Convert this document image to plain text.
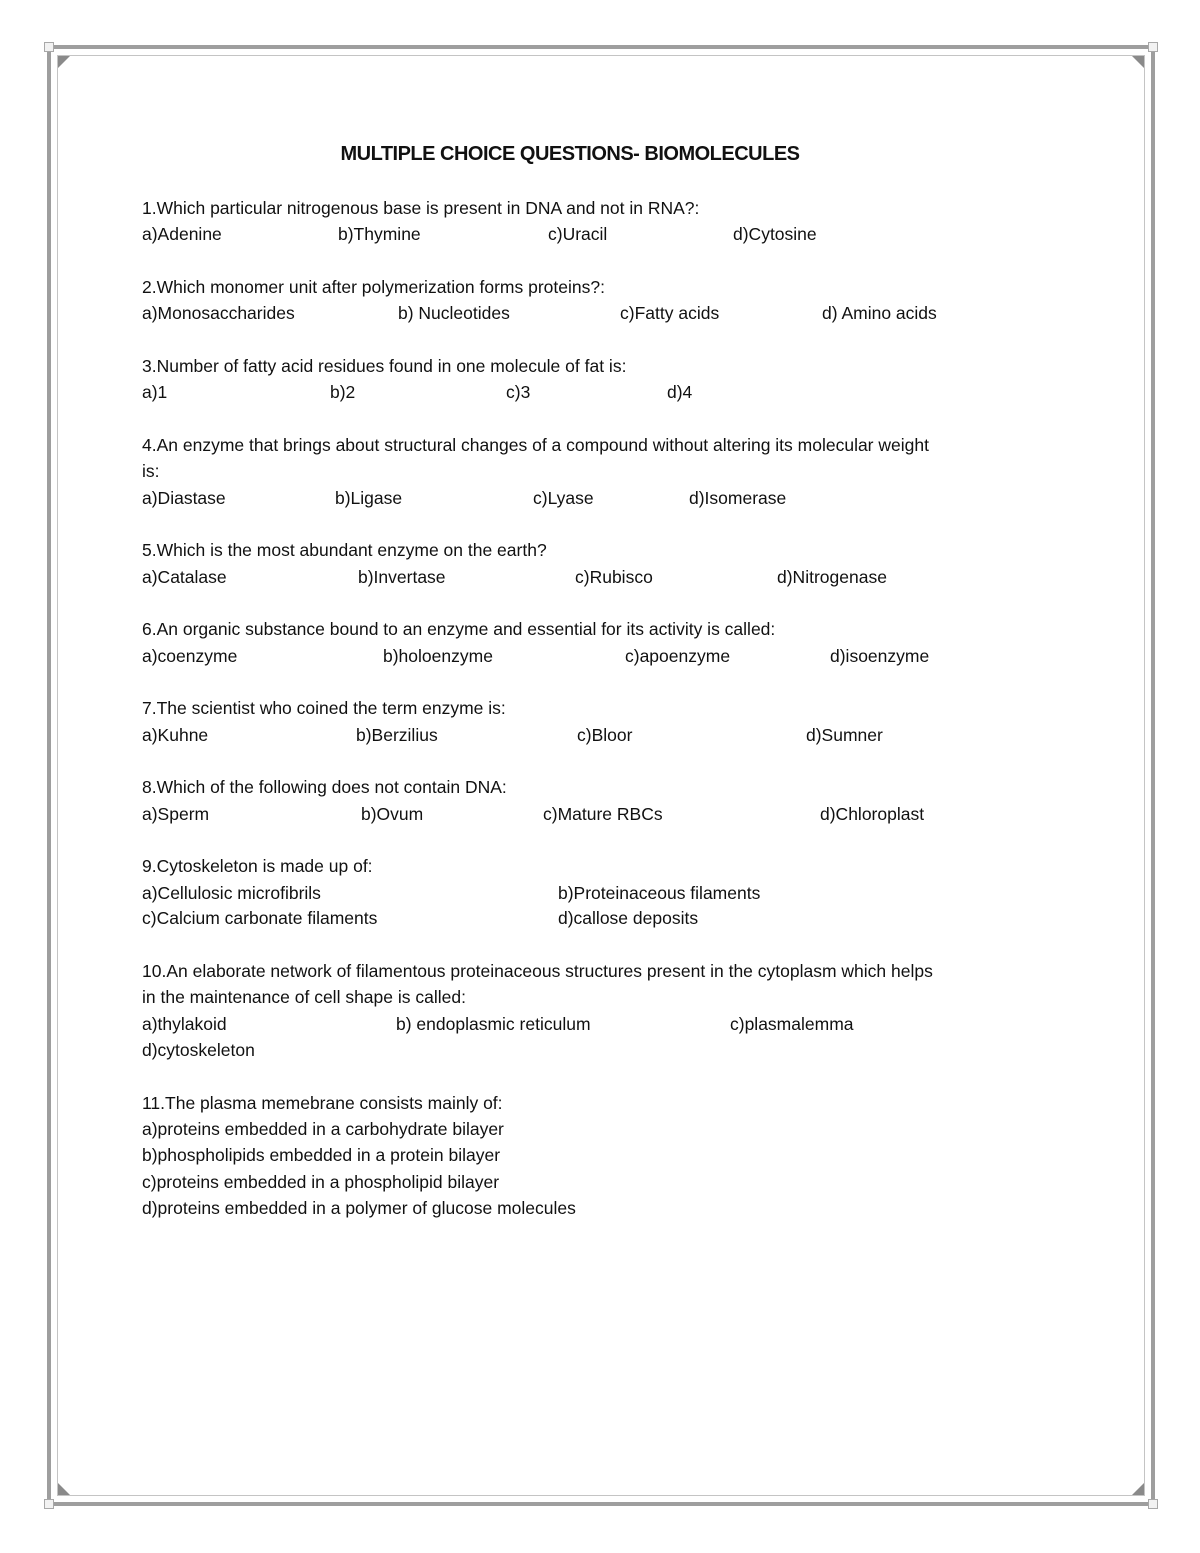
MULTIPLE CHOICE QUESTIONS- BIOMOLECULES
1.Which particular nitrogenous base is present in DNA and not in RNA?:
a)Adenine	b)Thymine	c)Uracil	d)Cytosine
2.Which monomer unit after polymerization forms proteins?:
a)Monosaccharides	b) Nucleotides	c)Fatty acids	d) Amino acids
3.Number of fatty acid residues found in one molecule of fat is:
a)1	b)2	c)3	d)4
4.An enzyme that brings about structural changes of a compound without altering its molecular weight
is:
a)Diastase	b)Ligase	c)Lyase	d)Isomerase
5.Which is the most abundant enzyme on the earth?
a)Catalase	b)Invertase	c)Rubisco	d)Nitrogenase
6.An organic substance bound to an enzyme and essential for its activity is called:
a)coenzyme	b)holoenzyme	c)apoenzyme	d)isoenzyme
7.The scientist who coined the term enzyme is:
a)Kuhne	b)Berzilius	c)Bloor	d)Sumner
8.Which of the following does not contain DNA:
a)Sperm	b)Ovum	c)Mature RBCs	d)Chloroplast
9.Cytoskeleton is made up of:
a)Cellulosic microfibrils	b)Proteinaceous filaments
c)Calcium carbonate filaments	d)callose deposits
10.An elaborate network of filamentous proteinaceous structures present in the cytoplasm which helps
in the maintenance of cell shape is called:
a)thylakoid	b) endoplasmic reticulum	c)plasmalemma
d)cytoskeleton
11.The plasma memebrane consists mainly of:
a)proteins embedded in a carbohydrate bilayer
b)phospholipids embedded in a protein bilayer
c)proteins embedded in a phospholipid bilayer
d)proteins embedded in a polymer of glucose molecules
